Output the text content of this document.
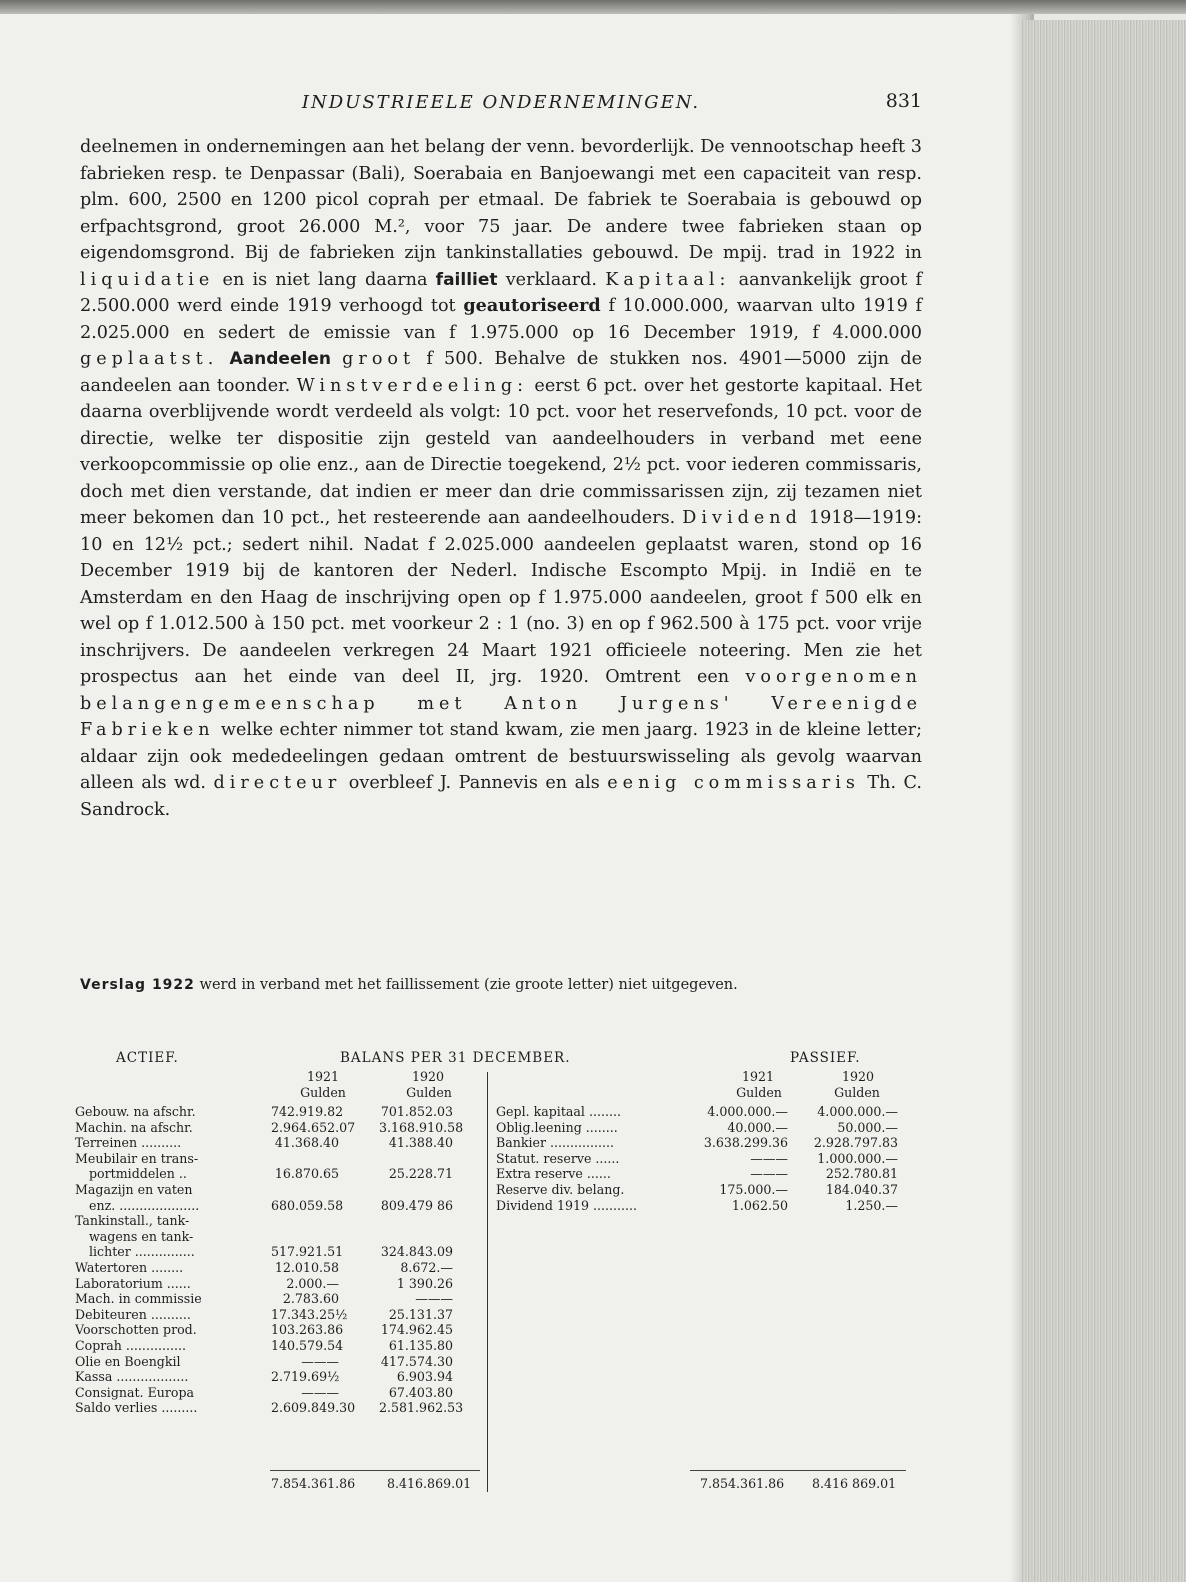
INDUSTRIEELE ONDERNEMINGEN.	831

deelnemen in ondernemingen aan het belang der venn. bevorderlijk. De vennootschap heeft 3 fabrieken resp. te Denpassar (Bali), Soerabaia en Banjoewangi met een capaciteit van resp. plm. 600, 2500 en 1200 picol coprah per etmaal. De fabriek te Soerabaia is gebouwd op erfpachtsgrond, groot 26.000 M.², voor 75 jaar. De andere twee fabrieken staan op eigendomsgrond. Bij de fabrieken zijn tankinstallaties gebouwd. De mpij. trad in 1922 in liquidatie en is niet lang daarna failliet verklaard. Kapitaal: aanvankelijk groot f 2.500.000 werd einde 1919 verhoogd tot geautoriseerd f 10.000.000, waarvan ulto 1919 f 2.025.000 en sedert de emissie van f 1.975.000 op 16 December 1919, f 4.000.000 geplaatst. Aandeelen groot f 500. Behalve de stukken nos. 4901—5000 zijn de aandeelen aan toonder. Winstverdeeling: eerst 6 pct. over het gestorte kapitaal. Het daarna overblijvende wordt verdeeld als volgt: 10 pct. voor het reservefonds, 10 pct. voor de directie, welke ter dispositie zijn gesteld van aandeelhouders in verband met eene verkoopcommissie op olie enz., aan de Directie toegekend, 2½ pct. voor iederen commissaris, doch met dien verstande, dat indien er meer dan drie commissarissen zijn, zij tezamen niet meer bekomen dan 10 pct., het resteerende aan aandeelhouders. Dividend 1918—1919: 10 en 12½ pct.; sedert nihil. Nadat f 2.025.000 aandeelen geplaatst waren, stond op 16 December 1919 bij de kantoren der Nederl. Indische Escompto Mpij. in Indië en te Amsterdam en den Haag de inschrijving open op f 1.975.000 aandeelen, groot f 500 elk en wel op f 1.012.500 à 150 pct. met voorkeur 2 : 1 (no. 3) en op f 962.500 à 175 pct. voor vrije inschrijvers. De aandeelen verkregen 24 Maart 1921 officieele noteering. Men zie het prospectus aan het einde van deel II, jrg. 1920. Omtrent een voorgenomen belangengemeenschap met Anton Jurgens' Vereenigde Fabrieken welke echter nimmer tot stand kwam, zie men jaarg. 1923 in de kleine letter; aldaar zijn ook mededeelingen gedaan omtrent de bestuurswisseling als gevolg waarvan alleen als wd. directeur overbleef J. Pannevis en als eenig commissaris Th. C. Sandrock.

Verslag 1922 werd in verband met het faillissement (zie groote letter) niet uitgegeven.
ACTIEF.	BALANS PER 31 DECEMBER.	PASSIEF.
1921	1920
Gulden	Gulden
1921	1920
Gulden	Gulden
Gebouw. na afschr.	742.919.82	701.852.03
Machin. na afschr.	2.964.652.07 3.168.910.58
Terreinen ..........	41.368.40	41.388.40
Meubilair en trans-
portmiddelen ..	16.870.65	25.228.71
Magazijn en vaten
enz. ....................	680.059.58	809.479 86
Tankinstall., tank-
wagens en tank-
lichter ...............	517.921.51	324.843.09
Watertoren ........	12.010.58	8.672.—
Laboratorium ......	2.000.—	1 390.26
Mach. in commissie	2.783.60	———
Debiteuren ..........	17.343.25½	25.131.37
Voorschotten prod.	103.263.86	174.962.45
Coprah ...............	140.579.54	61.135.80
Olie en Boengkil	———	417.574.30
Kassa ..................	2.719.69½	6.903.94
Consignat. Europa	———	67.403.80
Saldo verlies .........	2.609.849.30 2.581.962.53
Gepl. kapitaal ........	4.000.000.—	4.000.000.—
Oblig.leening ........	40.000.—	50.000.—
Bankier ................	3.638.299.36	2.928.797.83
Statut. reserve ......	———	1.000.000.—
Extra reserve ......	———	252.780.81
Reserve div. belang.	175.000.—	184.040.37
Dividend 1919 ...........	1.062.50	1.250.—
7.854.361.86	8.416.869.01	7.854.361.86 8.416 869.01
